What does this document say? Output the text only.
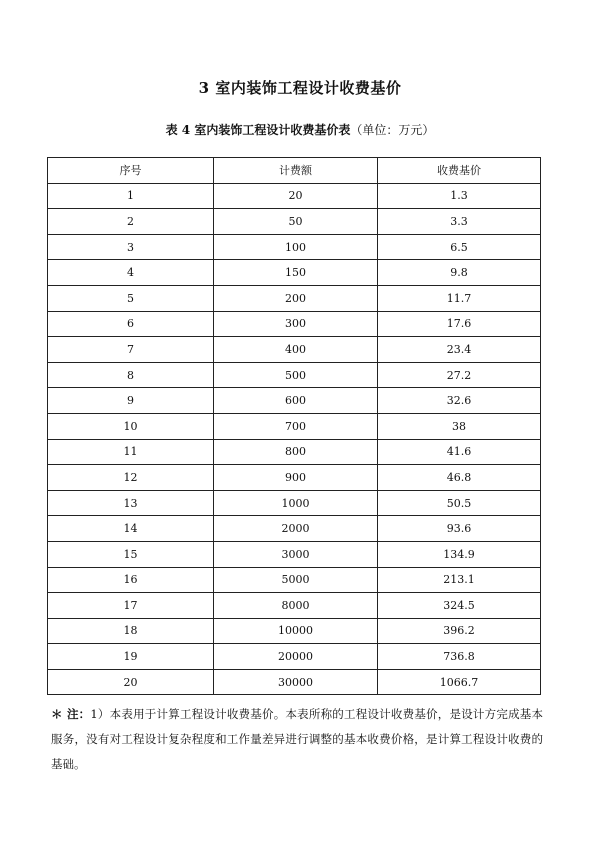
3 室内装饰工程设计收费基价
表 4 室内装饰工程设计收费基价表（单位：万元）
序号	计费额	收费基价
1	20	1.3
2	50	3.3
3	100	6.5
4	150	9.8
5	200	11.7
6	300	17.6
7	400	23.4
8	500	27.2
9	600	32.6
10	700	38
11	800	41.6
12	900	46.8
13	1000	50.5
14	2000	93.6
15	3000	134.9
16	5000	213.1
17	8000	324.5
18	10000	396.2
19	20000	736.8
20	30000	1066.7
＊ 注：1）本表用于计算工程设计收费基价。本表所称的工程设计收费基价，是设计方完成基本服务，没有对工程设计复杂程度和工作量差异进行调整的基本收费价格，是计算工程设计收费的基础。
